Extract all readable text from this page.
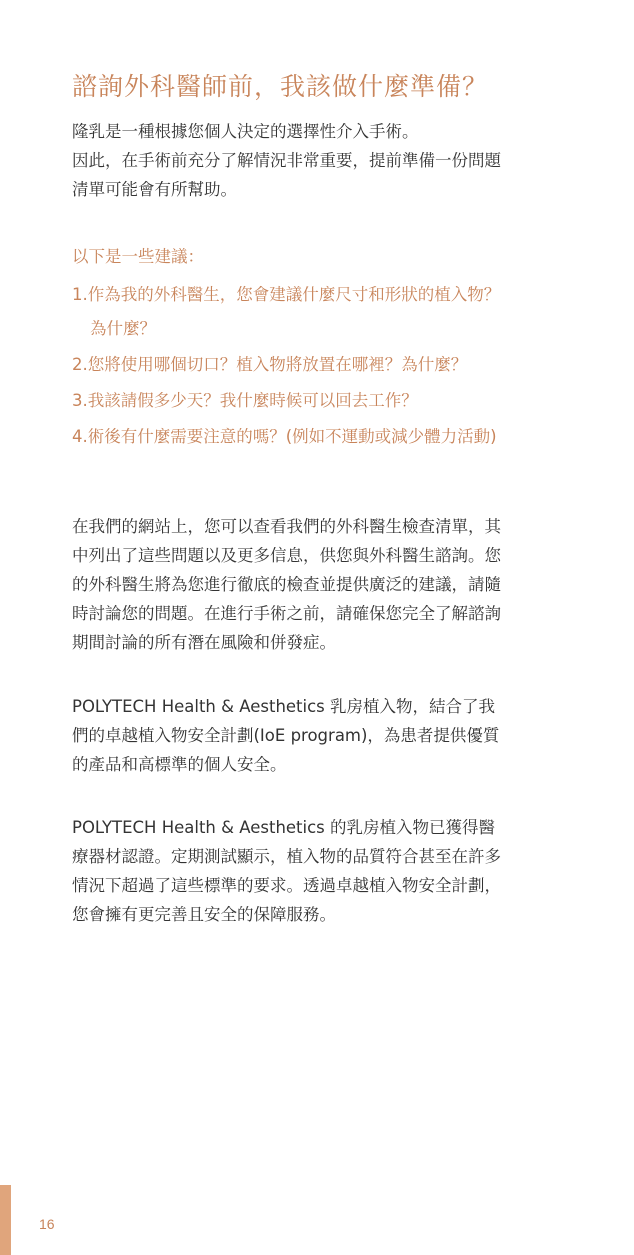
諮詢外科醫師前，我該做什麼準備？

隆乳是一種根據您個人決定的選擇性介入手術。

因此，在手術前充分了解情況非常重要，提前準備一份問題

清單可能會有所幫助。

以下是一些建議：
1.作為我的外科醫生，您會建議什麼尺寸和形狀的植入物？
為什麼？
2.您將使用哪個切口？植入物將放置在哪裡？為什麼？
3.我該請假多少天？我什麼時候可以回去工作？
4.術後有什麼需要注意的嗎？(例如不運動或減少體力活動)

在我們的網站上，您可以查看我們的外科醫生檢查清單，其

中列出了這些問題以及更多信息，供您與外科醫生諮詢。您

的外科醫生將為您進行徹底的檢查並提供廣泛的建議，請隨

時討論您的問題。在進行手術之前，請確保您完全了解諮詢

期間討論的所有潛在風險和併發症。

POLYTECH Health & Aesthetics 乳房植入物，結合了我

們的卓越植入物安全計劃(IoE program)，為患者提供優質

的產品和高標準的個人安全。

POLYTECH Health & Aesthetics 的乳房植入物已獲得醫

療器材認證。定期測試顯示，植入物的品質符合甚至在許多

情況下超過了這些標準的要求。透過卓越植入物安全計劃，

您會擁有更完善且安全的保障服務。

16
